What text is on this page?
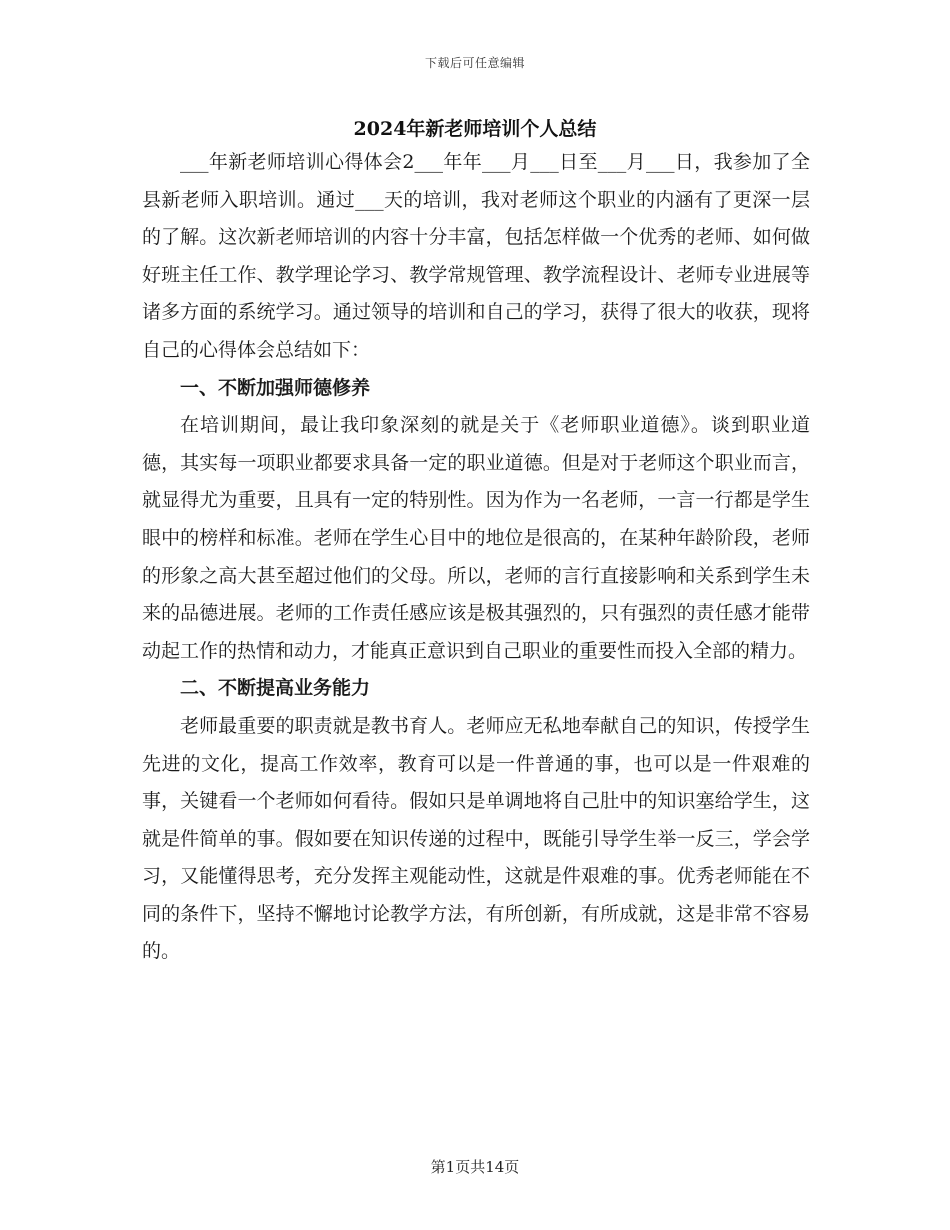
下载后可任意编辑
2024年新老师培训个人总结

___年新老师培训心得体会2___年年___月___日至___月___日，我参加了全县新老师入职培训。通过___天的培训，我对老师这个职业的内涵有了更深一层的了解。这次新老师培训的内容十分丰富，包括怎样做一个优秀的老师、如何做好班主任工作、教学理论学习、教学常规管理、教学流程设计、老师专业进展等诸多方面的系统学习。通过领导的培训和自己的学习，获得了很大的收获，现将自己的心得体会总结如下：

一、不断加强师德修养

在培训期间，最让我印象深刻的就是关于《老师职业道德》。谈到职业道德，其实每一项职业都要求具备一定的职业道德。但是对于老师这个职业而言，就显得尤为重要，且具有一定的特别性。因为作为一名老师，一言一行都是学生眼中的榜样和标准。老师在学生心目中的地位是很高的，在某种年龄阶段，老师的形象之高大甚至超过他们的父母。所以，老师的言行直接影响和关系到学生未来的品德进展。老师的工作责任感应该是极其强烈的，只有强烈的责任感才能带动起工作的热情和动力，才能真正意识到自己职业的重要性而投入全部的精力。

二、不断提高业务能力

老师最重要的职责就是教书育人。老师应无私地奉献自己的知识，传授学生先进的文化，提高工作效率，教育可以是一件普通的事，也可以是一件艰难的事，关键看一个老师如何看待。假如只是单调地将自己肚中的知识塞给学生，这就是件简单的事。假如要在知识传递的过程中，既能引导学生举一反三，学会学习，又能懂得思考，充分发挥主观能动性，这就是件艰难的事。优秀老师能在不同的条件下，坚持不懈地讨论教学方法，有所创新，有所成就，这是非常不容易的。

第1页共14页
